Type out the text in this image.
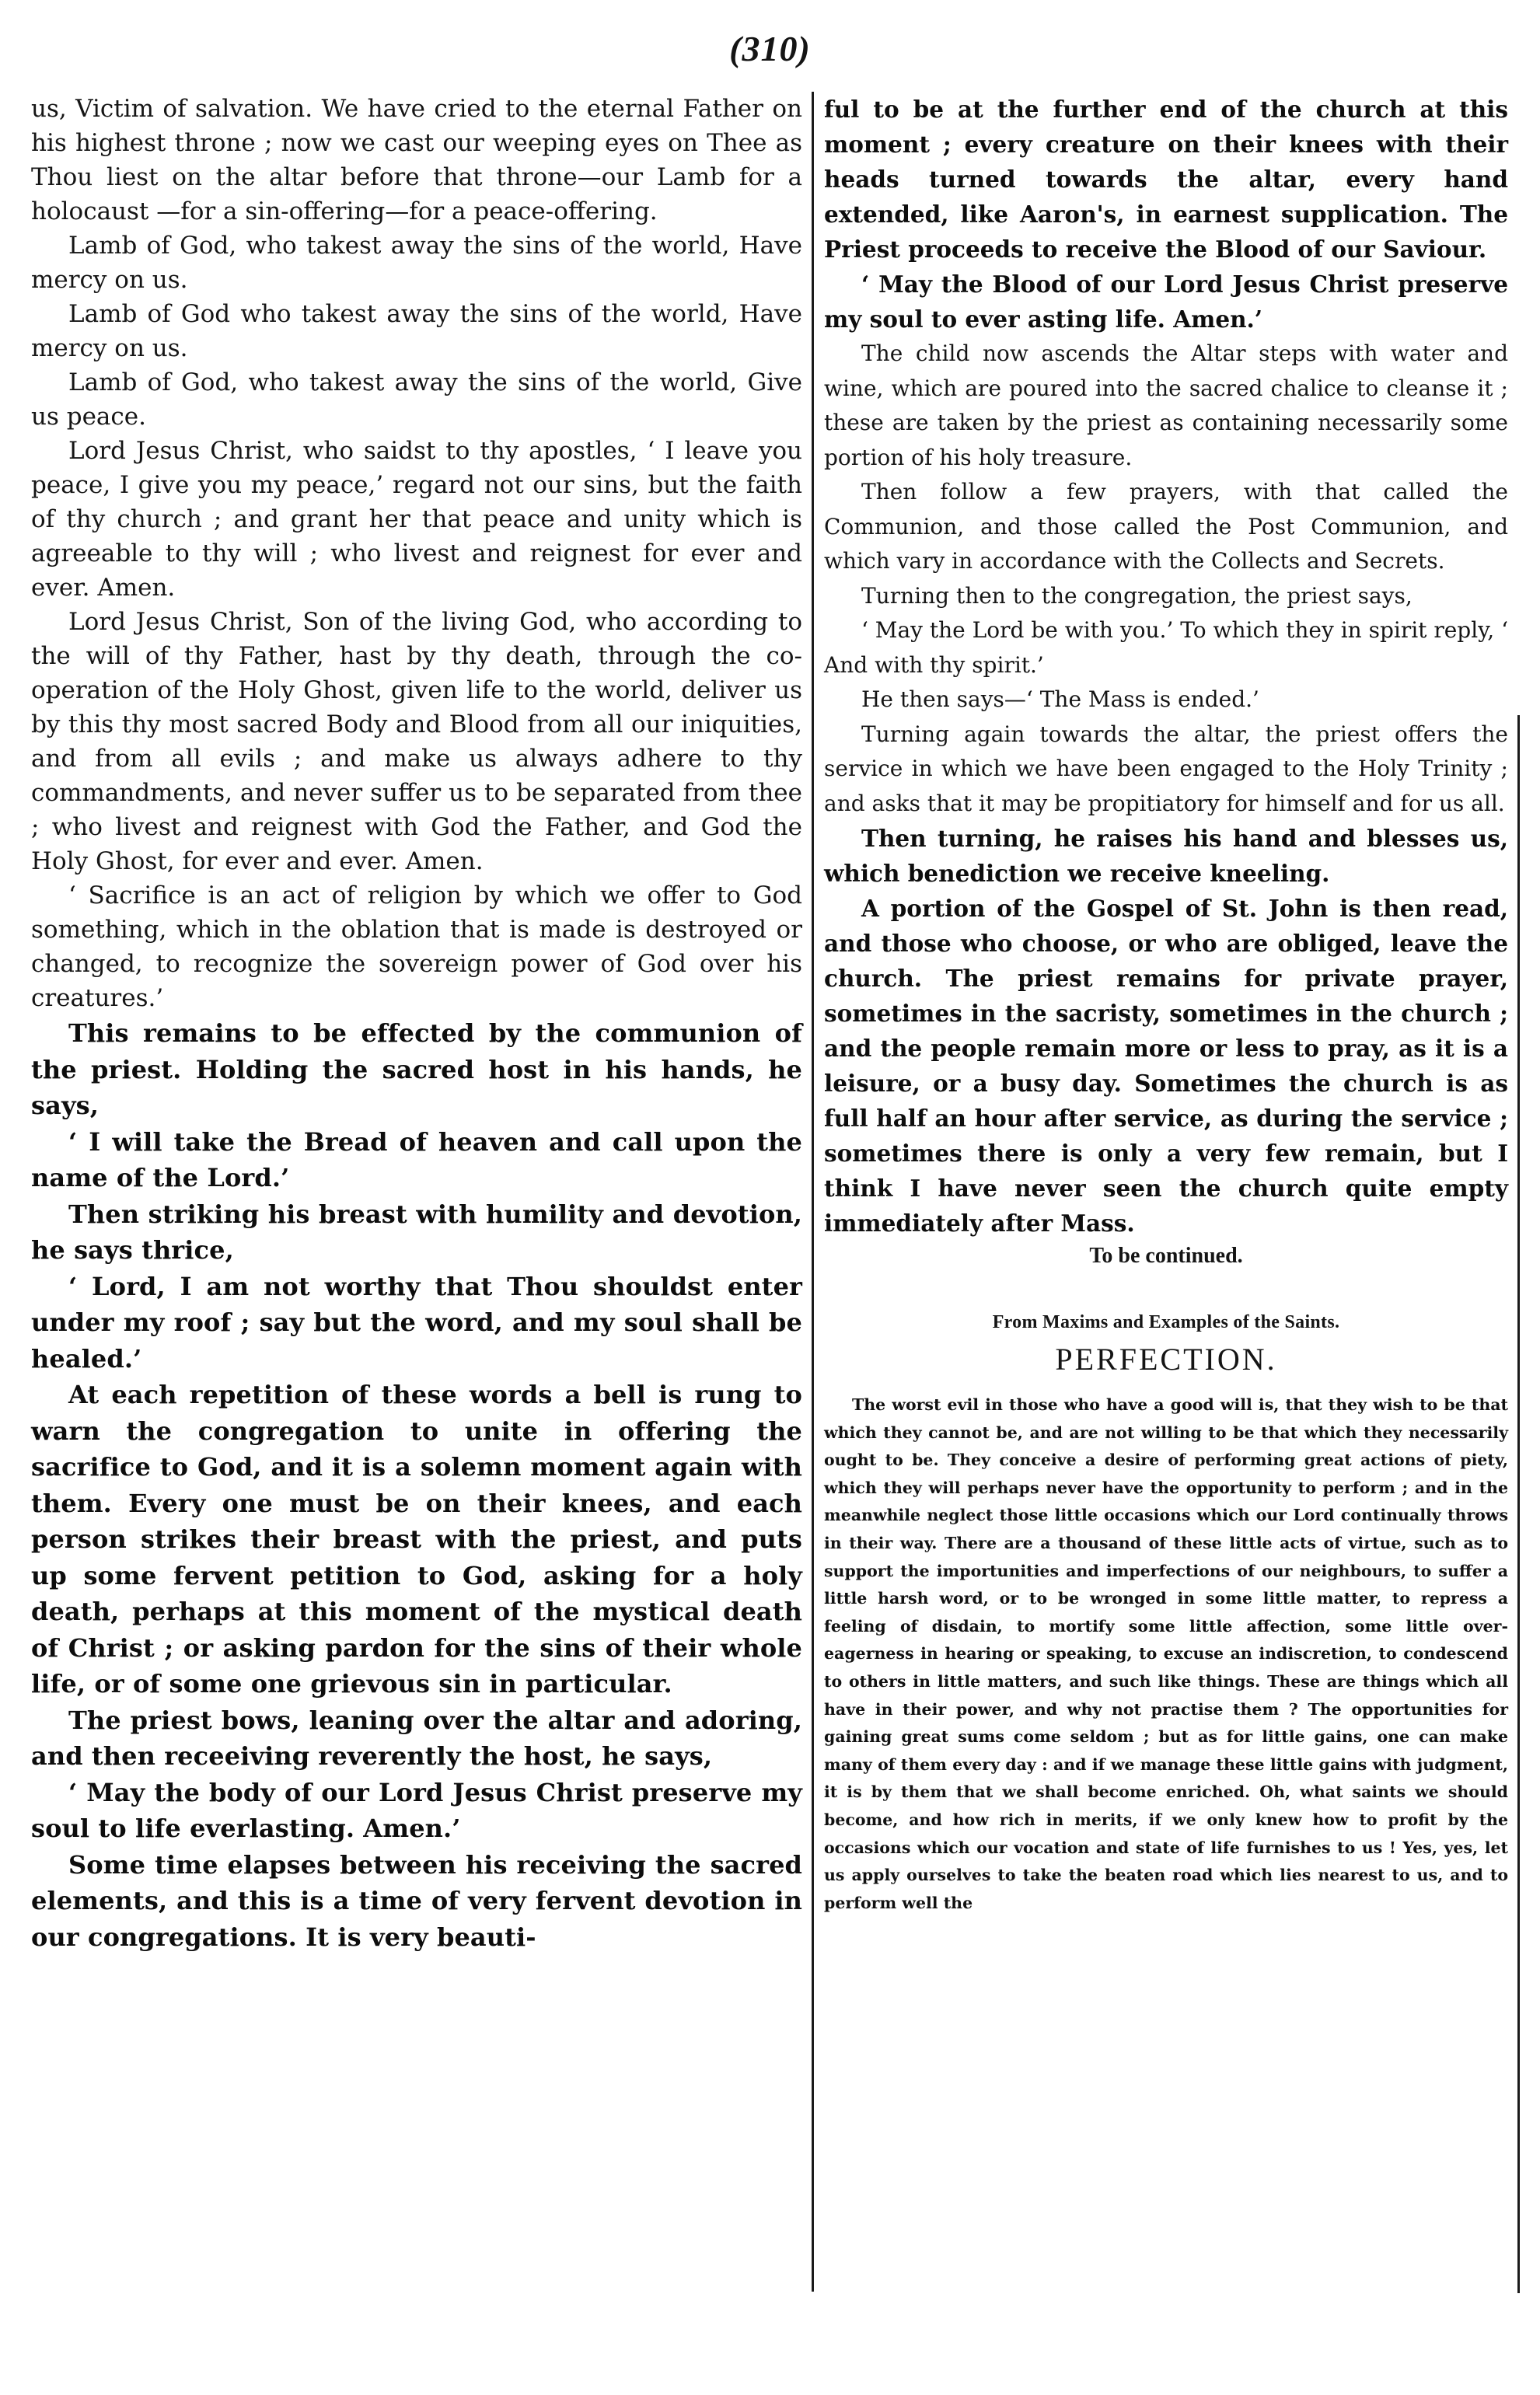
(310)

us, Victim of salvation. We have cried to the eternal Father on his highest throne ; now we cast our weeping eyes on Thee as Thou liest on the altar before that throne—our Lamb for a holocaust —for a sin-offering—for a peace-offering.

Lamb of God, who takest away the sins of the world, Have mercy on us.

Lamb of God who takest away the sins of the world, Have mercy on us.

Lamb of God, who takest away the sins of the world, Give us peace.

Lord Jesus Christ, who saidst to thy apostles, ‘ I leave you peace, I give you my peace,’ regard not our sins, but the faith of thy church ; and grant her that peace and unity which is agreeable to thy will ; who livest and reignest for ever and ever. Amen.

Lord Jesus Christ, Son of the living God, who according to the will of thy Father, hast by thy death, through the co-operation of the Holy Ghost, given life to the world, deliver us by this thy most sacred Body and Blood from all our iniquities, and from all evils ; and make us always adhere to thy commandments, and never suffer us to be separated from thee ; who livest and reignest with God the Father, and God the Holy Ghost, for ever and ever. Amen.

‘ Sacrifice is an act of religion by which we offer to God something, which in the oblation that is made is destroyed or changed, to recognize the sovereign power of God over his creatures.’

This remains to be effected by the communion of the priest. Holding the sacred host in his hands, he says,

‘ I will take the Bread of heaven and call upon the name of the Lord.’

Then striking his breast with humility and devotion, he says thrice,

‘ Lord, I am not worthy that Thou shouldst enter under my roof ; say but the word, and my soul shall be healed.’

At each repetition of these words a bell is rung to warn the congregation to unite in offering the sacrifice to God, and it is a solemn moment again with them. Every one must be on their knees, and each person strikes their breast with the priest, and puts up some fervent petition to God, asking for a holy death, perhaps at this moment of the mystical death of Christ ; or asking pardon for the sins of their whole life, or of some one grievous sin in particular.

The priest bows, leaning over the altar and adoring, and then receeiving reverently the host, he says,

‘ May the body of our Lord Jesus Christ preserve my soul to life everlasting. Amen.’

Some time elapses between his receiving the sacred elements, and this is a time of very fervent devotion in our congregations. It is very beauti-

ful to be at the further end of the church at this moment ; every creature on their knees with their heads turned towards the altar, every hand extended, like Aaron's, in earnest supplication. The Priest proceeds to receive the Blood of our Saviour.

‘ May the Blood of our Lord Jesus Christ preserve my soul to ever asting life. Amen.’

The child now ascends the Altar steps with water and wine, which are poured into the sacred chalice to cleanse it ; these are taken by the priest as containing necessarily some portion of his holy treasure.

Then follow a few prayers, with that called the Communion, and those called the Post Communion, and which vary in accordance with the Collects and Secrets.

Turning then to the congregation, the priest says,

‘ May the Lord be with you.’ To which they in spirit reply, ‘ And with thy spirit.’

He then says—‘ The Mass is ended.’

Turning again towards the altar, the priest offers the service in which we have been engaged to the Holy Trinity ; and asks that it may be propitiatory for himself and for us all.

Then turning, he raises his hand and blesses us, which benediction we receive kneeling.

A portion of the Gospel of St. John is then read, and those who choose, or who are obliged, leave the church. The priest remains for private prayer, sometimes in the sacristy, sometimes in the church ; and the people remain more or less to pray, as it is a leisure, or a busy day. Sometimes the church is as full half an hour after service, as during the service ; sometimes there is only a very few remain, but I think I have never seen the church quite empty immediately after Mass.

To be continued.

From Maxims and Examples of the Saints.

PERFECTION.

The worst evil in those who have a good will is, that they wish to be that which they cannot be, and are not willing to be that which they necessarily ought to be. They conceive a desire of performing great actions of piety, which they will perhaps never have the opportunity to perform ; and in the meanwhile neglect those little occasions which our Lord continually throws in their way. There are a thousand of these little acts of virtue, such as to support the importunities and imperfections of our neighbours, to suffer a little harsh word, or to be wronged in some little matter, to repress a feeling of disdain, to mortify some little affection, some little over-eagerness in hearing or speaking, to excuse an indiscretion, to condescend to others in little matters, and such like things. These are things which all have in their power, and why not practise them ? The opportunities for gaining great sums come seldom ; but as for little gains, one can make many of them every day : and if we manage these little gains with judgment, it is by them that we shall become enriched. Oh, what saints we should become, and how rich in merits, if we only knew how to profit by the occasions which our vocation and state of life furnishes to us ! Yes, yes, let us apply ourselves to take the beaten road which lies nearest to us, and to perform well the
